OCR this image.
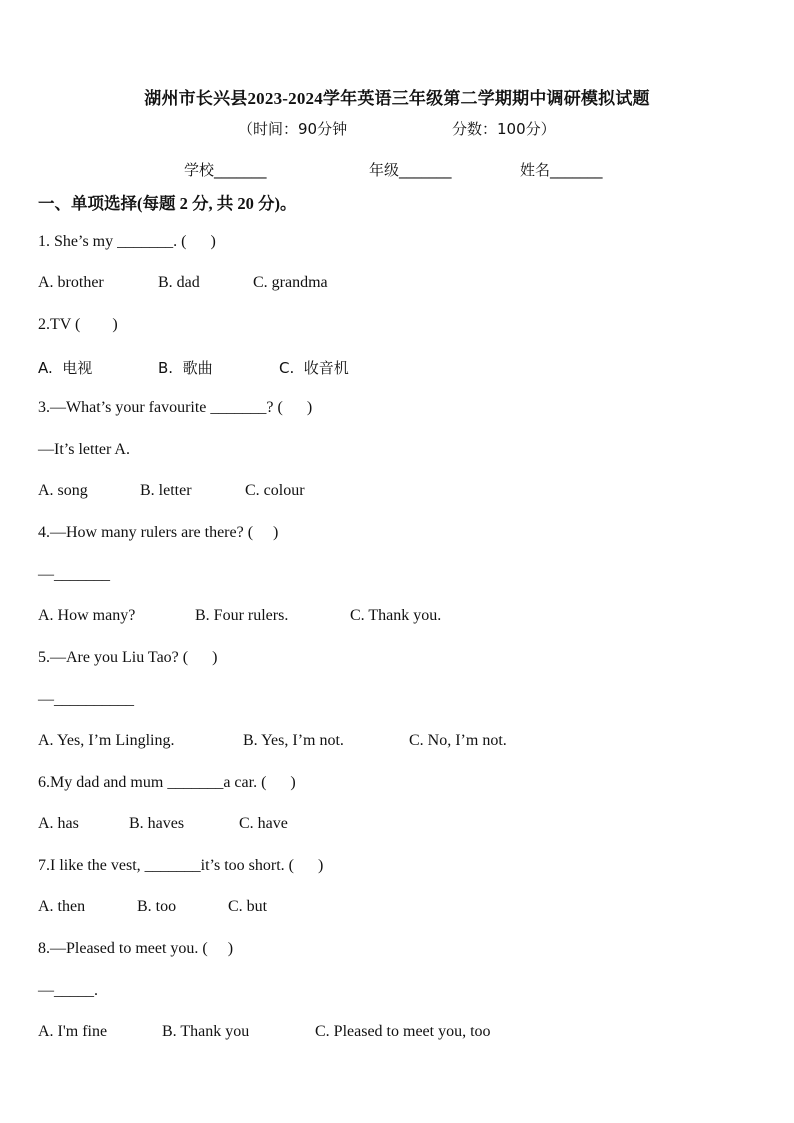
湖州市长兴县2023-2024学年英语三年级第二学期期中调研模拟试题
（时间：90分钟	分数：100分）
学校_______	年级_______	姓名_______
一、单项选择(每题 2 分, 共 20 分)。
1. She’s my _______. (      )
A. brother	B. dad	C. grandma
2.TV (        )
A.  电视	B.  歌曲	C.  收音机
3.—What’s your favourite _______? (      )
—It’s letter A.
A. song	B. letter	C. colour
4.—How many rulers are there? (     )
—_______
A. How many?	B. Four rulers.	C. Thank you.
5.—Are you Liu Tao? (      )
—__________
A. Yes, I’m Lingling.	B. Yes, I’m not.	C. No, I’m not.
6.My dad and mum _______a car. (      )
A. has	B. haves	C. have
7.I like the vest, _______it’s too short. (      )
A. then	B. too	C. but
8.—Pleased to meet you. (     )
—_____.
A. I'm fine	B. Thank you	C. Pleased to meet you, too
